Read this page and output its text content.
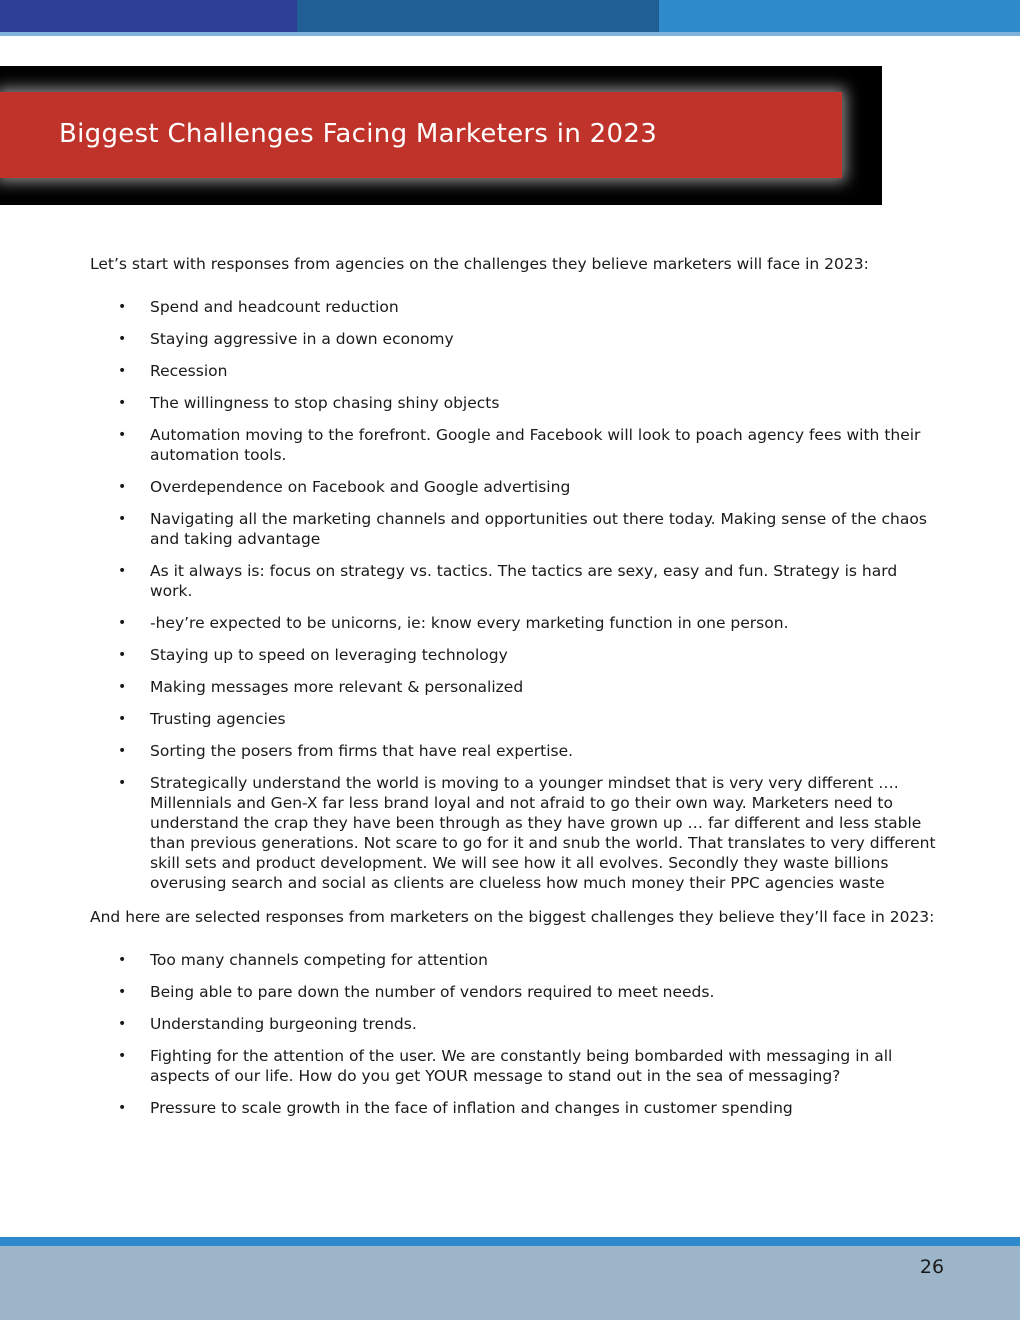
Biggest Challenges Facing Marketers in 2023

Let’s start with responses from agencies on the challenges they believe marketers will face in 2023:

• Spend and headcount reduction
• Staying aggressive in a down economy
• Recession
• The willingness to stop chasing shiny objects
• Automation moving to the forefront. Google and Facebook will look to poach agency fees with their automation tools.
• Overdependence on Facebook and Google advertising
• Navigating all the marketing channels and opportunities out there today. Making sense of the chaos and taking advantage
• As it always is: focus on strategy vs. tactics. The tactics are sexy, easy and fun. Strategy is hard work.
• -hey’re expected to be unicorns, ie: know every marketing function in one person.
• Staying up to speed on leveraging technology
• Making messages more relevant & personalized
• Trusting agencies
• Sorting the posers from firms that have real expertise.
• Strategically understand the world is moving to a younger mindset that is very very different …. Millennials and Gen-X far less brand loyal and not afraid to go their own way. Marketers need to understand the crap they have been through as they have grown up … far different and less stable than previous generations. Not scare to go for it and snub the world. That translates to very different skill sets and product development. We will see how it all evolves. Secondly they waste billions overusing search and social as clients are clueless how much money their PPC agencies waste

And here are selected responses from marketers on the biggest challenges they believe they’ll face in 2023:

• Too many channels competing for attention
• Being able to pare down the number of vendors required to meet needs.
• Understanding burgeoning trends.
• Fighting for the attention of the user. We are constantly being bombarded with messaging in all aspects of our life. How do you get YOUR message to stand out in the sea of messaging?
• Pressure to scale growth in the face of inflation and changes in customer spending
26
